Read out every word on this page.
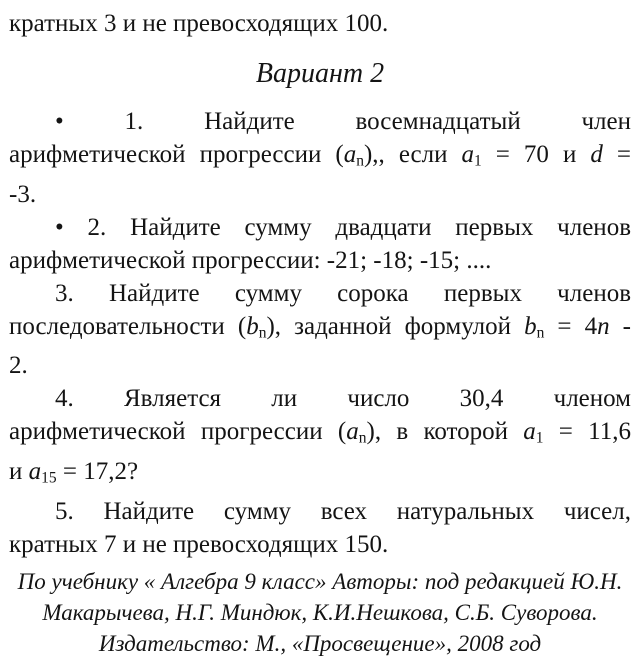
кратных 3 и не превосходящих 100.
Вариант 2
• 1. Найдите восемнадцатый член
арифметической прогрессии $(a_n)$,, если $a_1 = 70$ и d =
-3.
• 2. Найдите сумму двадцати первых членов
арифметической прогрессии: -21; -18; -15; ....
3. Найдите сумму сорока первых членов
последовательности $(b_n)$, заданной формулой $b_n = 4n$ -
2.
4. Является ли число 30,4 членом
арифметической прогрессии $(a_n)$, в которой $a_1 = 11,6$
и $a_{15} = 17,2$?
5. Найдите сумму всех натуральных чисел,
кратных 7 и не превосходящих 150.
По учебнику « Алгебра 9 класс» Авторы: под редакцией Ю.Н.
Макарычева, Н.Г. Миндюк, К.И.Нешкова, С.Б. Суворова.
Издательство: М., «Просвещение», 2008 год
